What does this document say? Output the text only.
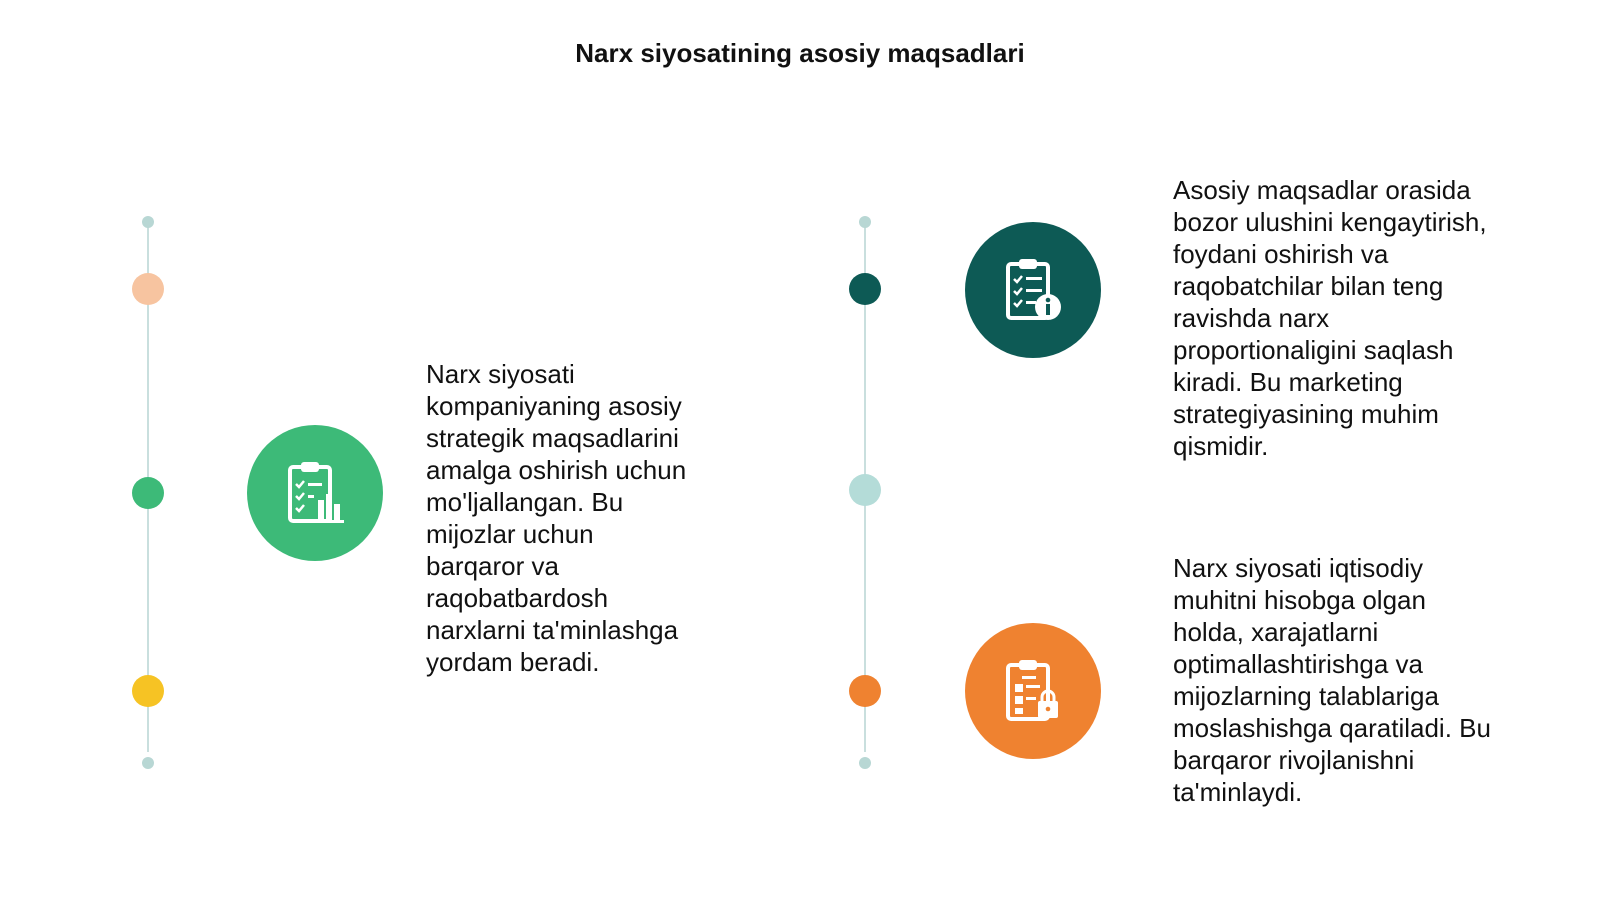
Narx siyosatining asosiy maqsadlari
Narx siyosati
kompaniyaning asosiy
strategik maqsadlarini
amalga oshirish uchun
mo'ljallangan. Bu
mijozlar uchun
barqaror va
raqobatbardosh
narxlarni ta'minlashga
yordam beradi.
Asosiy maqsadlar orasida
bozor ulushini kengaytirish,
foydani oshirish va
raqobatchilar bilan teng
ravishda narx
proportionaligini saqlash
kiradi. Bu marketing
strategiyasining muhim
qismidir.
Narx siyosati iqtisodiy
muhitni hisobga olgan
holda, xarajatlarni
optimallashtirishga va
mijozlarning talablariga
moslashishga qaratiladi. Bu
barqaror rivojlanishni
ta'minlaydi.
